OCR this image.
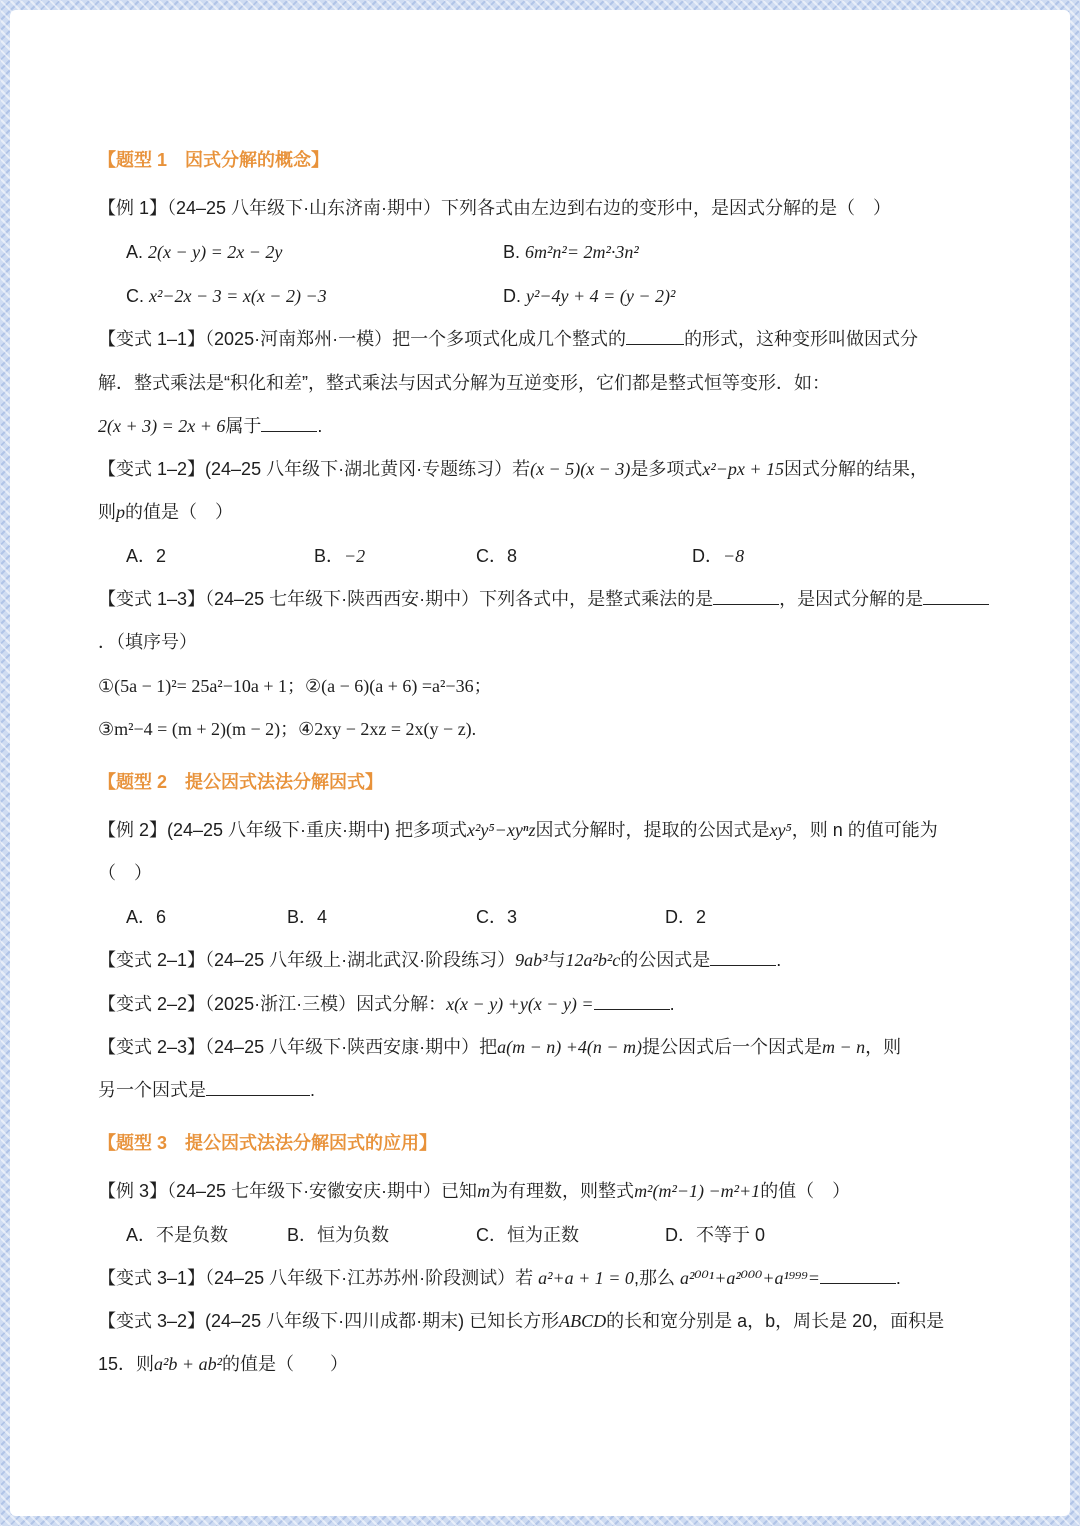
【题型 1　因式分解的概念】
【例 1】（24–25 八年级下·山东济南·期中）下列各式由左边到右边的变形中，是因式分解的是（　）
A. 2(x − y) = 2x − 2y	B. 6m²n²= 2m²·3n²
C. x²−2x − 3 = x(x − 2) −3	D. y²−4y + 4 = (y − 2)²
【变式 1–1】（2025·河南郑州·一模）把一个多项式化成几个整式的	的形式，这种变形叫做因式分
解．整式乘法是“积化和差”，整式乘法与因式分解为互逆变形，它们都是整式恒等变形．如：
2(x + 3) = 2x + 6属于	.
【变式 1–2】(24–25 八年级下·湖北黄冈·专题练习）若(x − 5)(x − 3)是多项式x²−px + 15因式分解的结果，
则p的值是（　）
A．2	B．−2	C．8	D．−8
【变式 1–3】（24–25 七年级下·陕西西安·期中）下列各式中，是整式乘法的是	，是因式分解的是
．（填序号）
①(5a − 1)²= 25a²−10a + 1；②(a − 6)(a + 6) =a²−36；
③m²−4 = (m + 2)(m − 2)；④2xy − 2xz = 2x(y − z).
【题型 2　提公因式法法分解因式】
【例 2】(24–25 八年级下·重庆·期中) 把多项式x²y⁵−xyⁿz因式分解时，提取的公因式是xy⁵，则 n 的值可能为
（　）
A．6	B．4	C．3	D．2
【变式 2–1】（24–25 八年级上·湖北武汉·阶段练习）9ab³与12a²b²c的公因式是	.
【变式 2–2】（2025·浙江·三模）因式分解：x(x − y) +y(x − y) =	.
【变式 2–3】（24–25 八年级下·陕西安康·期中）把a(m − n) +4(n − m)提公因式后一个因式是m − n，则
另一个因式是	.
【题型 3　提公因式法法分解因式的应用】
【例 3】（24–25 七年级下·安徽安庆·期中）已知m为有理数，则整式m²(m²−1) −m²+1的值（　）
A．不是负数	B．恒为负数	C．恒为正数	D．不等于 0
【变式 3–1】（24–25 八年级下·江苏苏州·阶段测试）若 a²+a + 1 = 0,那么 a²⁰⁰¹+a²⁰⁰⁰+a¹⁹⁹⁹=	.
【变式 3–2】(24–25 八年级下·四川成都·期末) 已知长方形ABCD的长和宽分别是 a，b，周长是 20，面积是
15．则a²b + ab²的值是（　　）
